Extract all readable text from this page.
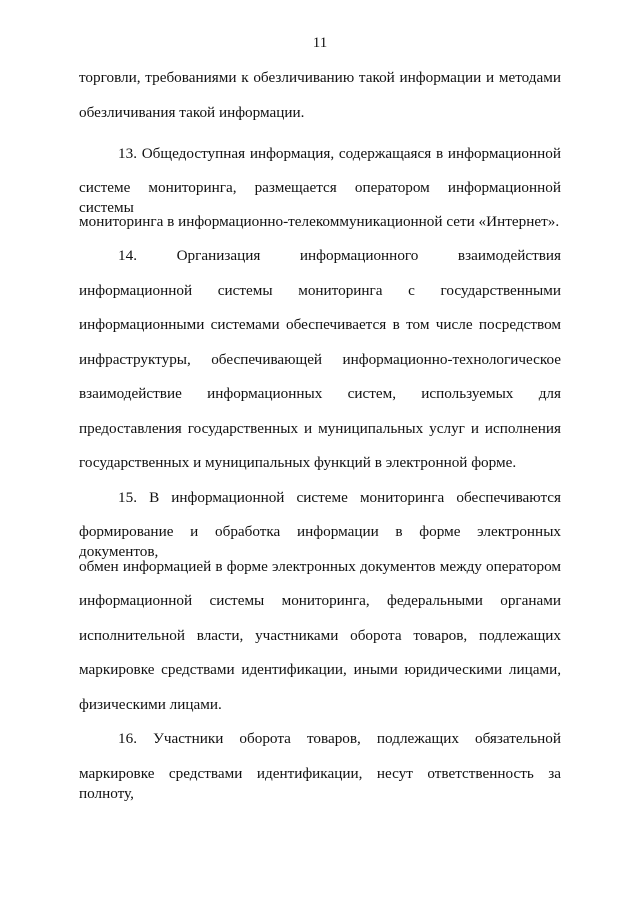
11
торговли, требованиями к обезличиванию такой информации и методами
обезличивания такой информации.
13. Общедоступная информация, содержащаяся в информационной
системе мониторинга, размещается оператором информационной системы
мониторинга в информационно-телекоммуникационной сети «Интернет».
14. Организация информационного взаимодействия
информационной системы мониторинга с государственными
информационными системами обеспечивается в том числе посредством
инфраструктуры, обеспечивающей информационно-технологическое
взаимодействие информационных систем, используемых для
предоставления государственных и муниципальных услуг и исполнения
государственных и муниципальных функций в электронной форме.
15. В информационной системе мониторинга обеспечиваются
формирование и обработка информации в форме электронных документов,
обмен информацией в форме электронных документов между оператором
информационной системы мониторинга, федеральными органами
исполнительной власти, участниками оборота товаров, подлежащих
маркировке средствами идентификации, иными юридическими лицами,
физическими лицами.
16. Участники оборота товаров, подлежащих обязательной
маркировке средствами идентификации, несут ответственность за полноту,
